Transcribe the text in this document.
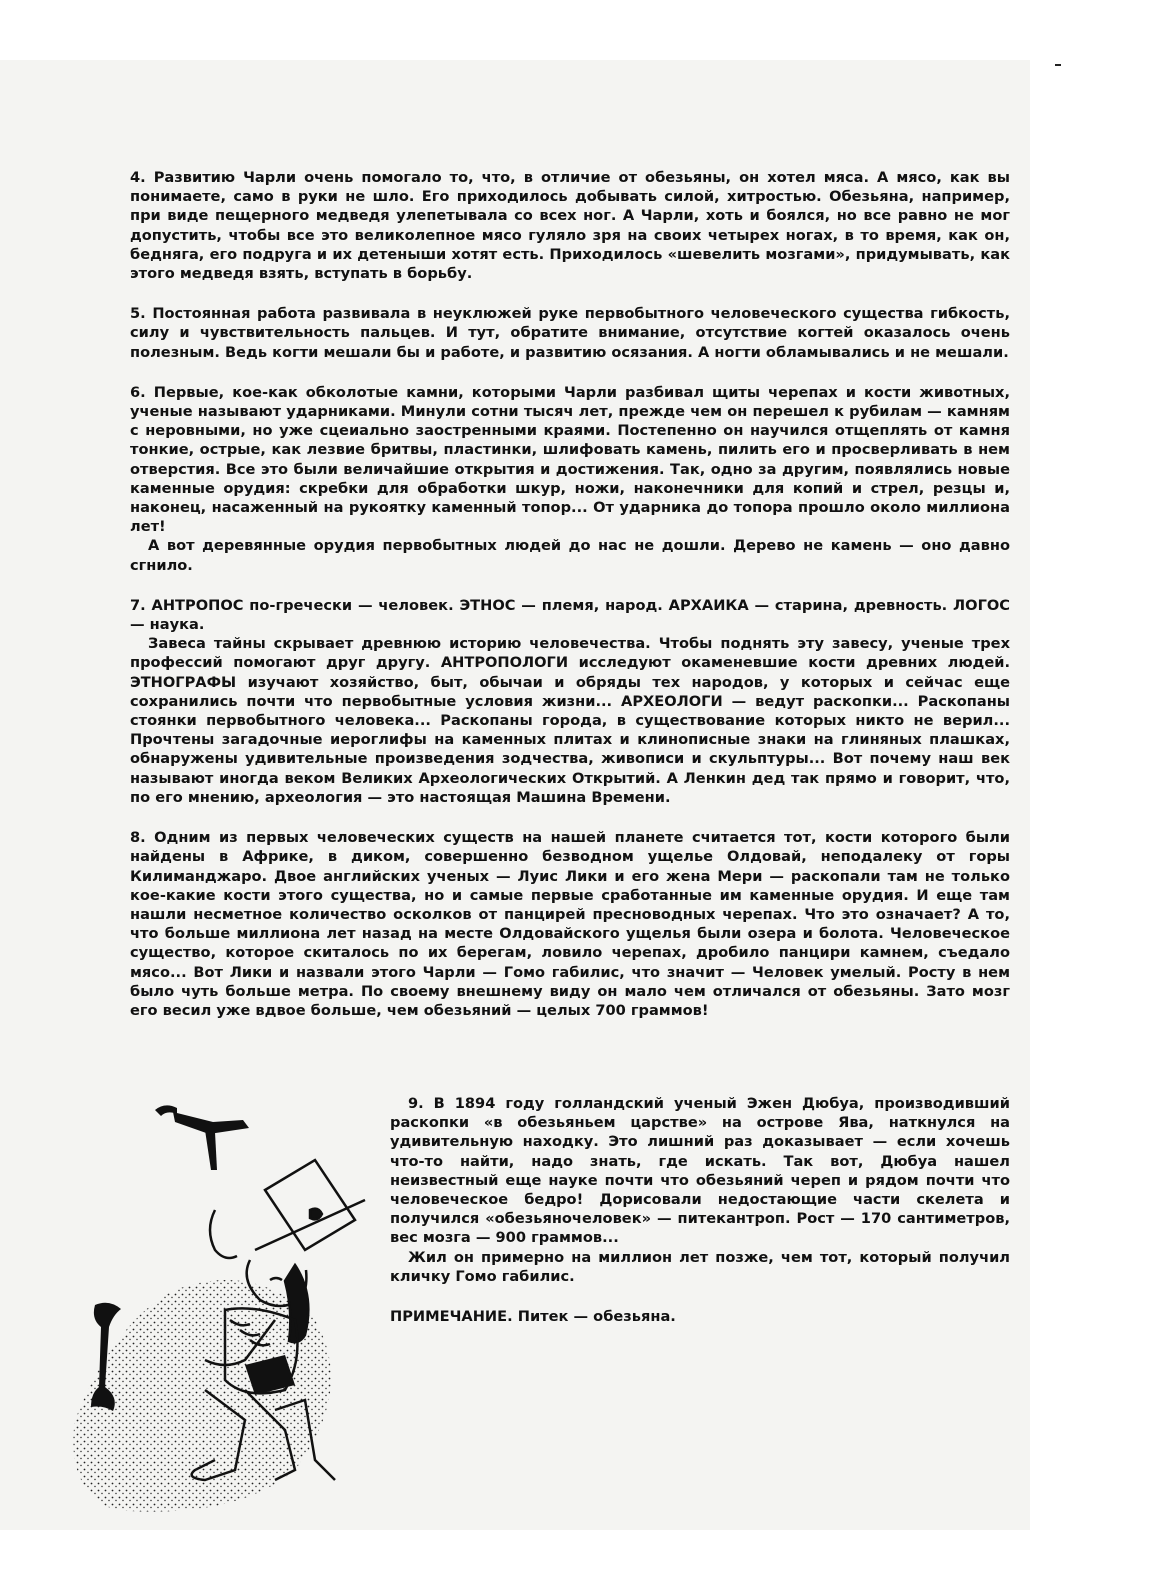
4. Развитию Чарли очень помогало то, что, в отличие от обезьяны, он хотел мяса. А мясо, как вы понимаете, само в руки не шло. Его приходилось добывать силой, хитростью. Обезьяна, например, при виде пещерного медведя улепетывала со всех ног. А Чарли, хоть и боялся, но все равно не мог допустить, чтобы все это великолепное мясо гуляло зря на своих четырех ногах, в то время, как он, бедняга, его подруга и их детеныши хотят есть. Приходилось «шевелить мозгами», придумывать, как этого медведя взять, вступать в борьбу.

5. Постоянная работа развивала в неуклюжей руке первобытного человеческого существа гибкость, силу и чувствительность пальцев. И тут, обратите внимание, отсутствие когтей оказалось очень полезным. Ведь когти мешали бы и работе, и развитию осязания. А ногти обламывались и не мешали.

6. Первые, кое-как обколотые камни, которыми Чарли разбивал щиты черепах и кости животных, ученые называют ударниками. Минули сотни тысяч лет, прежде чем он перешел к рубилам — камням с неровными, но уже сцеиально заостренными краями. Постепенно он научился отщеплять от камня тонкие, острые, как лезвие бритвы, пластинки, шлифовать камень, пилить его и просверливать в нем отверстия. Все это были величайшие открытия и достижения. Так, одно за другим, появлялись новые каменные орудия: скребки для обработки шкур, ножи, наконечники для копий и стрел, резцы и, наконец, насаженный на рукоятку каменный топор... От ударника до топора прошло около миллиона лет!

А вот деревянные орудия первобытных людей до нас не дошли. Дерево не камень — оно давно сгнило.

7. АНТРОПОС по-гречески — человек. ЭТНОС — племя, народ. АРХАИКА — старина, древность. ЛОГОС — наука.

Завеса тайны скрывает древнюю историю человечества. Чтобы поднять эту завесу, ученые трех профессий помогают друг другу. АНТРОПОЛОГИ исследуют окаменевшие кости древних людей. ЭТНОГРАФЫ изучают хозяйство, быт, обычаи и обряды тех народов, у которых и сейчас еще сохранились почти что первобытные условия жизни... АРХЕОЛОГИ — ведут раскопки... Раскопаны стоянки первобытного человека... Раскопаны города, в существование которых никто не верил... Прочтены загадочные иероглифы на каменных плитах и клинописные знаки на глиняных плашках, обнаружены удивительные произведения зодчества, живописи и скульптуры... Вот почему наш век называют иногда веком Великих Археологических Открытий. А Ленкин дед так прямо и говорит, что, по его мнению, археология — это настоящая Машина Времени.

8. Одним из первых человеческих существ на нашей планете считается тот, кости которого были найдены в Африке, в диком, совершенно безводном ущелье Олдовай, неподалеку от горы Килиманджаро. Двое английских ученых — Луис Лики и его жена Мери — раскопали там не только кое-какие кости этого существа, но и самые первые сработанные им каменные орудия. И еще там нашли несметное количество осколков от панцирей пресноводных черепах. Что это означает? А то, что больше миллиона лет назад на месте Олдовайского ущелья были озера и болота. Человеческое существо, которое скиталось по их берегам, ловило черепах, дробило панцири камнем, съедало мясо... Вот Лики и назвали этого Чарли — Гомо габилис, что значит — Человек умелый. Росту в нем было чуть больше метра. По своему внешнему виду он мало чем отличался от обезьяны. Зато мозг его весил уже вдвое больше, чем обезьяний — целых 700 граммов!

9. В 1894 году голландский ученый Эжен Дюбуа, производивший раскопки «в обезьяньем царстве» на острове Ява, наткнулся на удивительную находку. Это лишний раз доказывает — если хочешь что-то найти, надо знать, где искать. Так вот, Дюбуа нашел неизвестный еще науке почти что обезьяний череп и рядом почти что человеческое бедро! Дорисовали недостающие части скелета и получился «обезьяночеловек» — питекантроп. Рост — 170 сантиметров, вес мозга — 900 граммов...

Жил он примерно на миллион лет позже, чем тот, который получил кличку Гомо габилис.

ПРИМЕЧАНИЕ. Питек — обезьяна.
